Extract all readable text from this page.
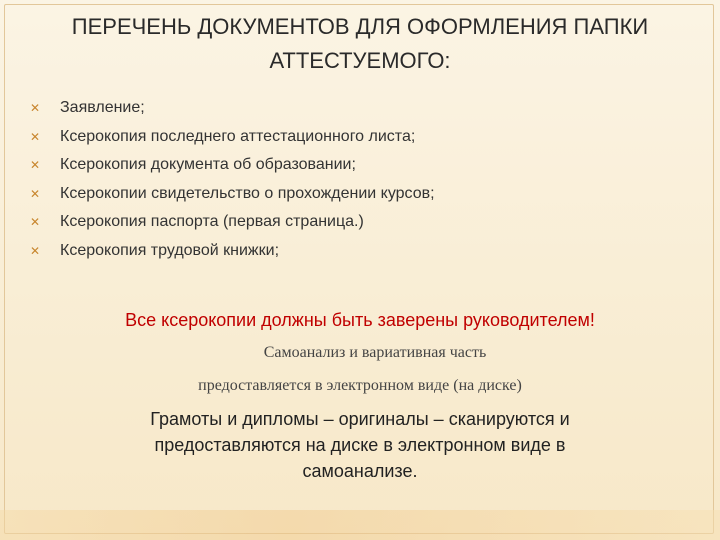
ПЕРЕЧЕНЬ ДОКУМЕНТОВ ДЛЯ ОФОРМЛЕНИЯ ПАПКИ
АТТЕСТУЕМОГО:
✕	Заявление;
✕	Ксерокопия последнего аттестационного листа;
✕	Ксерокопия документа об образовании;
✕	Ксерокопии свидетельство о прохождении курсов;
✕	Ксерокопия паспорта (первая страница.)
✕	Ксерокопия трудовой книжки;
Все ксерокопии должны быть заверены руководителем!
Самоанализ и вариативная часть
предоставляется в электронном виде (на диске)
Грамоты и дипломы – оригиналы – сканируются и
предоставляются на диске в электронном виде в
самоанализе.
